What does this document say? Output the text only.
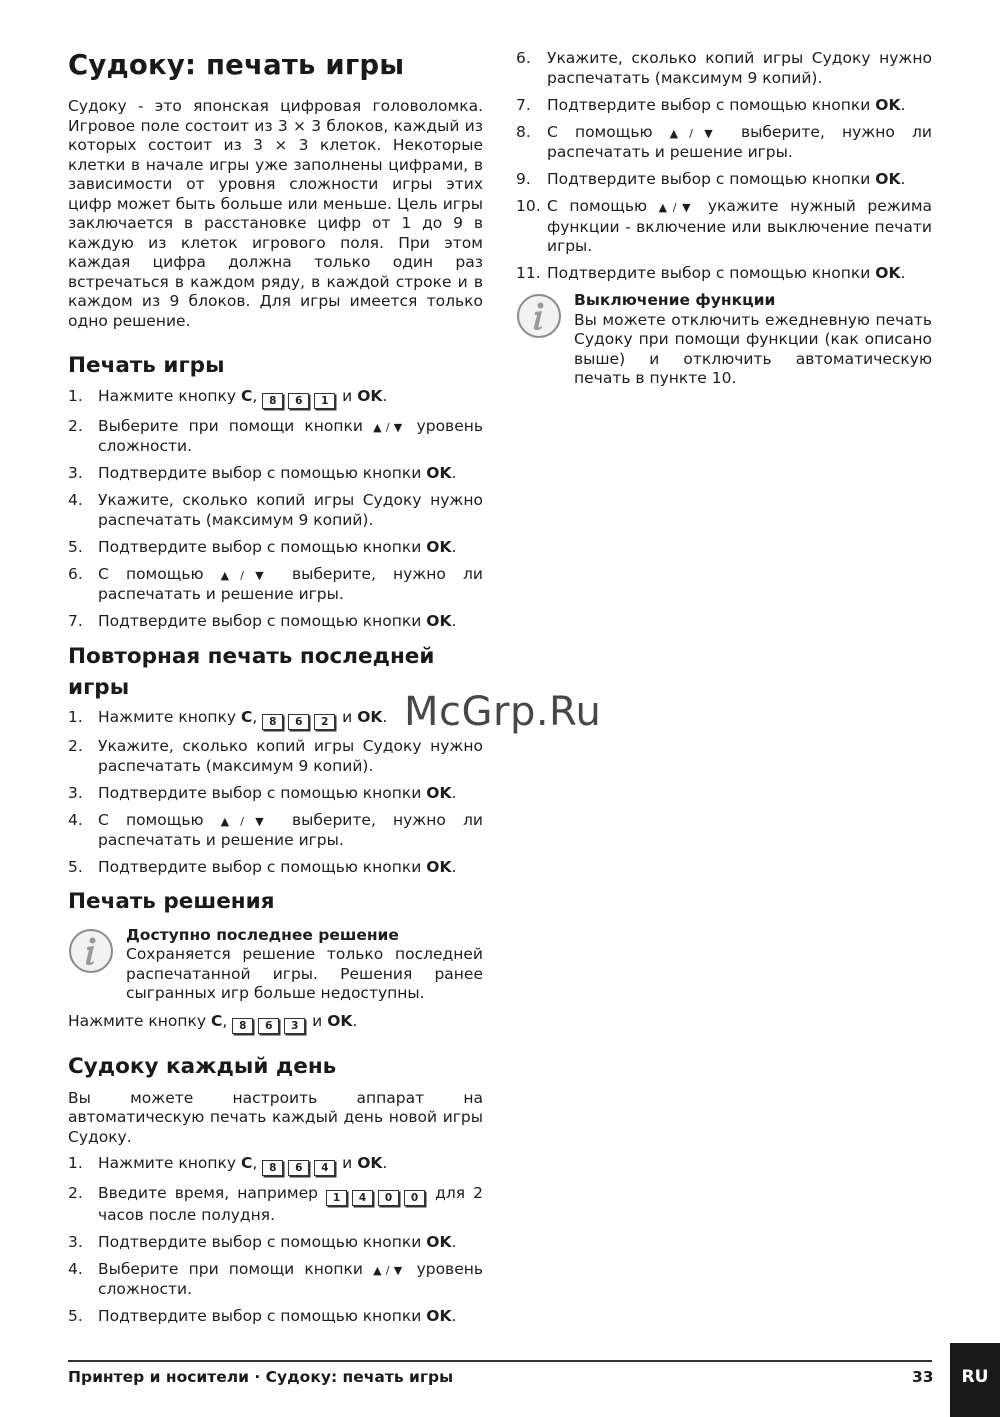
Судоку: печать игры

Судоку - это японская цифровая головоломка. Игровое поле состоит из 3 × 3 блоков, каждый из которых состоит из 3 × 3 клеток. Некоторые клетки в начале игры уже заполнены цифрами, в зависимости от уровня сложности игры этих цифр может быть больше или меньше. Цель игры заключается в расстановке цифр от 1 до 9 в каждую из клеток игрового поля. При этом каждая цифра должна только один раз встречаться в каждом ряду, в каждой строке и в каждом из 9 блоков. Для игры имеется только одно решение.

Печать игры
1. Нажмите кнопку C,	8	6	1 и OK.
2. Выберите при помощи кнопки ▲/▼ уровень сложности.
3. Подтвердите выбор с помощью кнопки OK.
4. Укажите, сколько копий игры Судоку нужно распечатать (максимум 9 копий).
5. Подтвердите выбор с помощью кнопки OK.
6. С помощью ▲/▼ выберите, нужно ли распечатать и решение игры.
7. Подтвердите выбор с помощью кнопки OK.
Повторная печать последней игры
1. Нажмите кнопку C,	8	6	2 и OK.
2. Укажите, сколько копий игры Судоку нужно распечатать (максимум 9 копий).
3. Подтвердите выбор с помощью кнопки OK.
4. С помощью ▲/▼ выберите, нужно ли распечатать и решение игры.
5. Подтвердите выбор с помощью кнопки OK.
Печать решения

Доступно последнее решение

Сохраняется решение только последней распечатанной игры. Решения ранее сыгранных игр больше недоступны.

Нажмите кнопку C,	8	6	3 и OK.

Судоку каждый день

Вы можете настроить аппарат на автоматическую печать каждый день новой игры Судоку.

1. Нажмите кнопку C,	8	6	4 и OK.
2. Введите время, например	1	4	0	0	для 2 часов после полудня.
3. Подтвердите выбор с помощью кнопки OK.
4. Выберите при помощи кнопки ▲/▼ уровень сложности.
5. Подтвердите выбор с помощью кнопки OK.
6. Укажите, сколько копий игры Судоку нужно распечатать (максимум 9 копий).
7. Подтвердите выбор с помощью кнопки OK.
8. С помощью ▲/▼ выберите, нужно ли распечатать и решение игры.
9. Подтвердите выбор с помощью кнопки OK.
10. С помощью ▲/▼ укажите нужный режима функции - включение или выключение печати игры.
11. Подтвердите выбор с помощью кнопки OK.

Выключение функции

Вы можете отключить ежедневную печать Судоку при помощи функции (как описано выше) и отключить автоматическую печать в пункте 10.

McGrp.Ru
Принтер и носители · Судоку: печать игры	33	RU
